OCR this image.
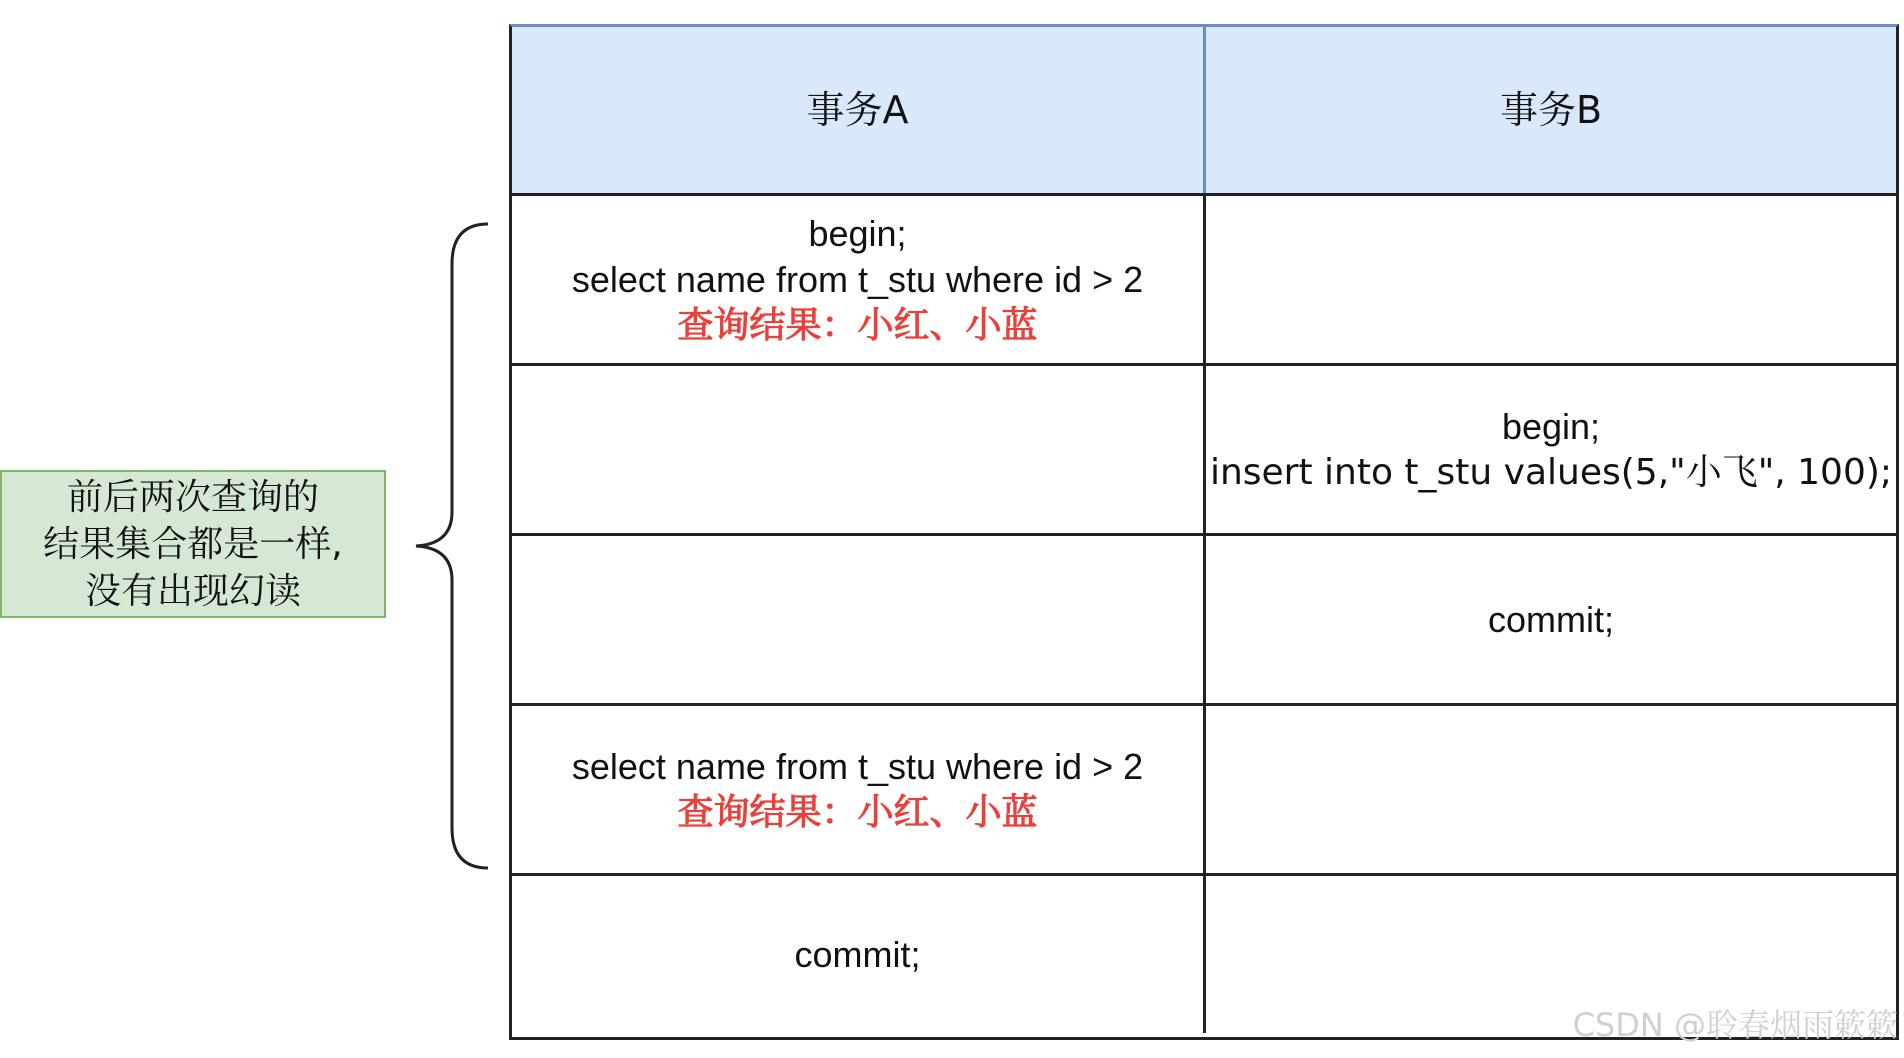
前后两次查询的
结果集合都是一样,
没有出现幻读
事务A	事务B
begin;
select name from t_stu where id > 2
查询结果：小红、小蓝
begin;
insert into t_stu values(5,"小飞", 100);
commit;
select name from t_stu where id > 2
查询结果：小红、小蓝
commit;
CSDN @聆春烟雨簌簌
